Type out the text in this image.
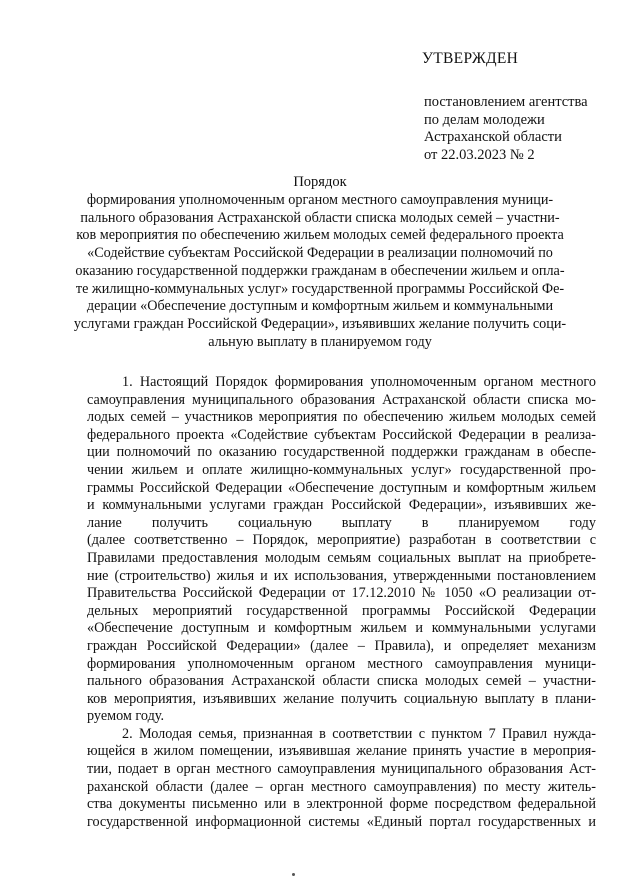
УТВЕРЖДЕН
постановлением агентства
по делам молодежи
Астраханской области
от 22.03.2023 № 2
Порядок
формирования уполномоченным органом местного самоуправления муници-
пального образования Астраханской области списка молодых семей – участни-
ков мероприятия по обеспечению жильем молодых семей федерального проекта
«Содействие субъектам Российской Федерации в реализации полномочий по
оказанию государственной поддержки гражданам в обеспечении жильем и опла-
те жилищно-коммунальных услуг» государственной программы Российской Фе-
дерации «Обеспечение доступным и комфортным жильем и коммунальными
услугами граждан Российской Федерации», изъявивших желание получить соци-
альную выплату в планируемом году
1. Настоящий Порядок формирования уполномоченным органом местного
самоуправления муниципального образования Астраханской области списка мо-
лодых семей – участников мероприятия по обеспечению жильем молодых семей
федерального проекта «Содействие субъектам Российской Федерации в реализа-
ции полномочий по оказанию государственной поддержки гражданам в обеспе-
чении жильем и оплате жилищно-коммунальных услуг» государственной про-
граммы Российской Федерации «Обеспечение доступным и комфортным жильем
и коммунальными услугами граждан Российской Федерации», изъявивших же-
лание получить социальную выплату в планируемом году
(далее соответственно – Порядок, мероприятие) разработан в соответствии с
Правилами предоставления молодым семьям социальных выплат на приобрете-
ние (строительство) жилья и их использования, утвержденными постановлением
Правительства Российской Федерации от 17.12.2010 № 1050 «О реализации от-
дельных мероприятий государственной программы Российской Федерации
«Обеспечение доступным и комфортным жильем и коммунальными услугами
граждан Российской Федерации» (далее – Правила), и определяет механизм
формирования уполномоченным органом местного самоуправления муници-
пального образования Астраханской области списка молодых семей – участни-
ков мероприятия, изъявивших желание получить социальную выплату в плани-
руемом году.
2. Молодая семья, признанная в соответствии с пунктом 7 Правил нужда-
ющейся в жилом помещении, изъявившая желание принять участие в мероприя-
тии, подает в орган местного самоуправления муниципального образования Аст-
раханской области (далее – орган местного самоуправления) по месту житель-
ства документы письменно или в электронной форме посредством федеральной
государственной информационной системы «Единый портал государственных и
